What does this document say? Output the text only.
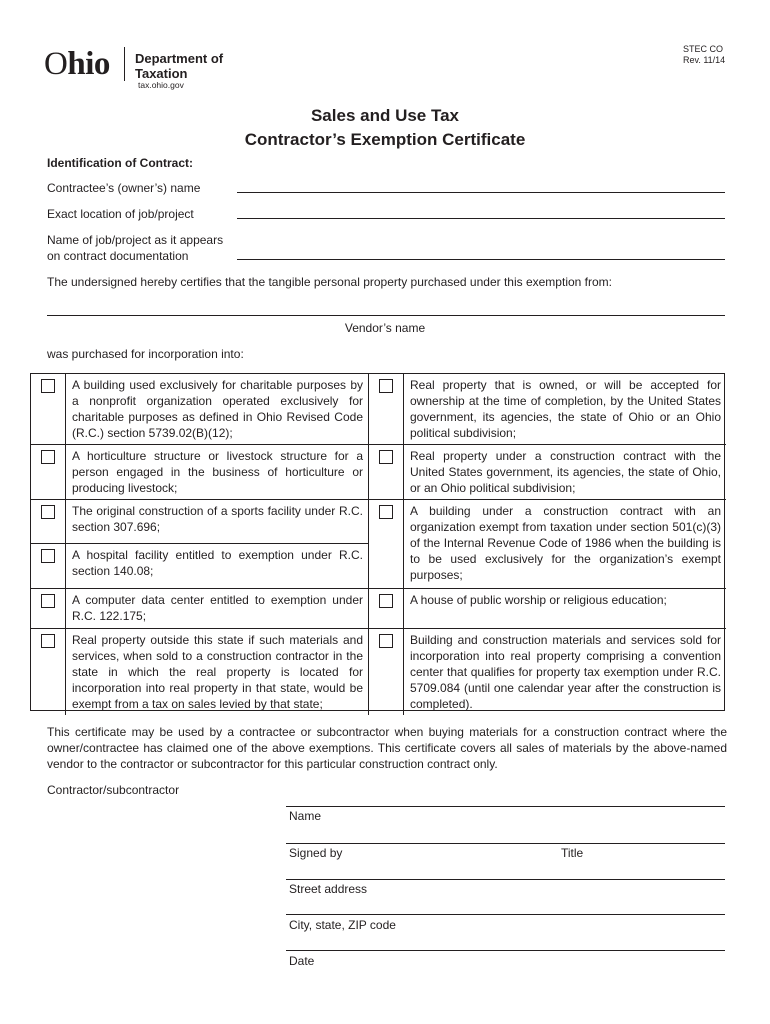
Ohio Department of
Taxation
tax.ohio.gov
STEC CO
Rev. 11/14
Sales and Use Tax
Contractor’s Exemption Certificate
Identification of Contract:
Contractee’s (owner’s) name
Exact location of job/project
Name of job/project as it appears
on contract documentation
The undersigned hereby certifies that the tangible personal property purchased under this exemption from:
Vendor’s name
was purchased for incorporation into:
A building used exclusively for charitable purposes by a nonprofit organization operated exclusively for charitable purposes as defined in Ohio Revised Code (R.C.) section 5739.02(B)(12);
A horticulture structure or livestock structure for a person engaged in the business of horticulture or producing livestock;
The original construction of a sports facility under R.C. section 307.696;
A hospital facility entitled to exemption under R.C. section 140.08;
A computer data center entitled to exemption under R.C. 122.175;
Real property outside this state if such materials and services, when sold to a construction contractor in the state in which the real property is located for incorporation into real property in that state, would be exempt from a tax on sales levied by that state;
Real property that is owned, or will be accepted for ownership at the time of completion, by the United States government, its agencies, the state of Ohio or an Ohio political subdivision;
Real property under a construction contract with the United States government, its agencies, the state of Ohio, or an Ohio political subdivision;
A building under a construction contract with an organization exempt from taxation under section 501(c)(3) of the Internal Revenue Code of 1986 when the building is to be used exclusively for the organization’s exempt purposes;
A house of public worship or religious education;
Building and construction materials and services sold for incorporation into real property comprising a convention center that qualifies for property tax exemption under R.C. 5709.084 (until one calendar year after the construction is completed).
This certificate may be used by a contractee or subcontractor when buying materials for a construction contract where the owner/contractee has claimed one of the above exemptions. This certificate covers all sales of materials by the above-named vendor to the contractor or subcontractor for this particular construction contract only.
Contractor/subcontractor
Name
Signed by	Title
Street address
City, state, ZIP code
Date
